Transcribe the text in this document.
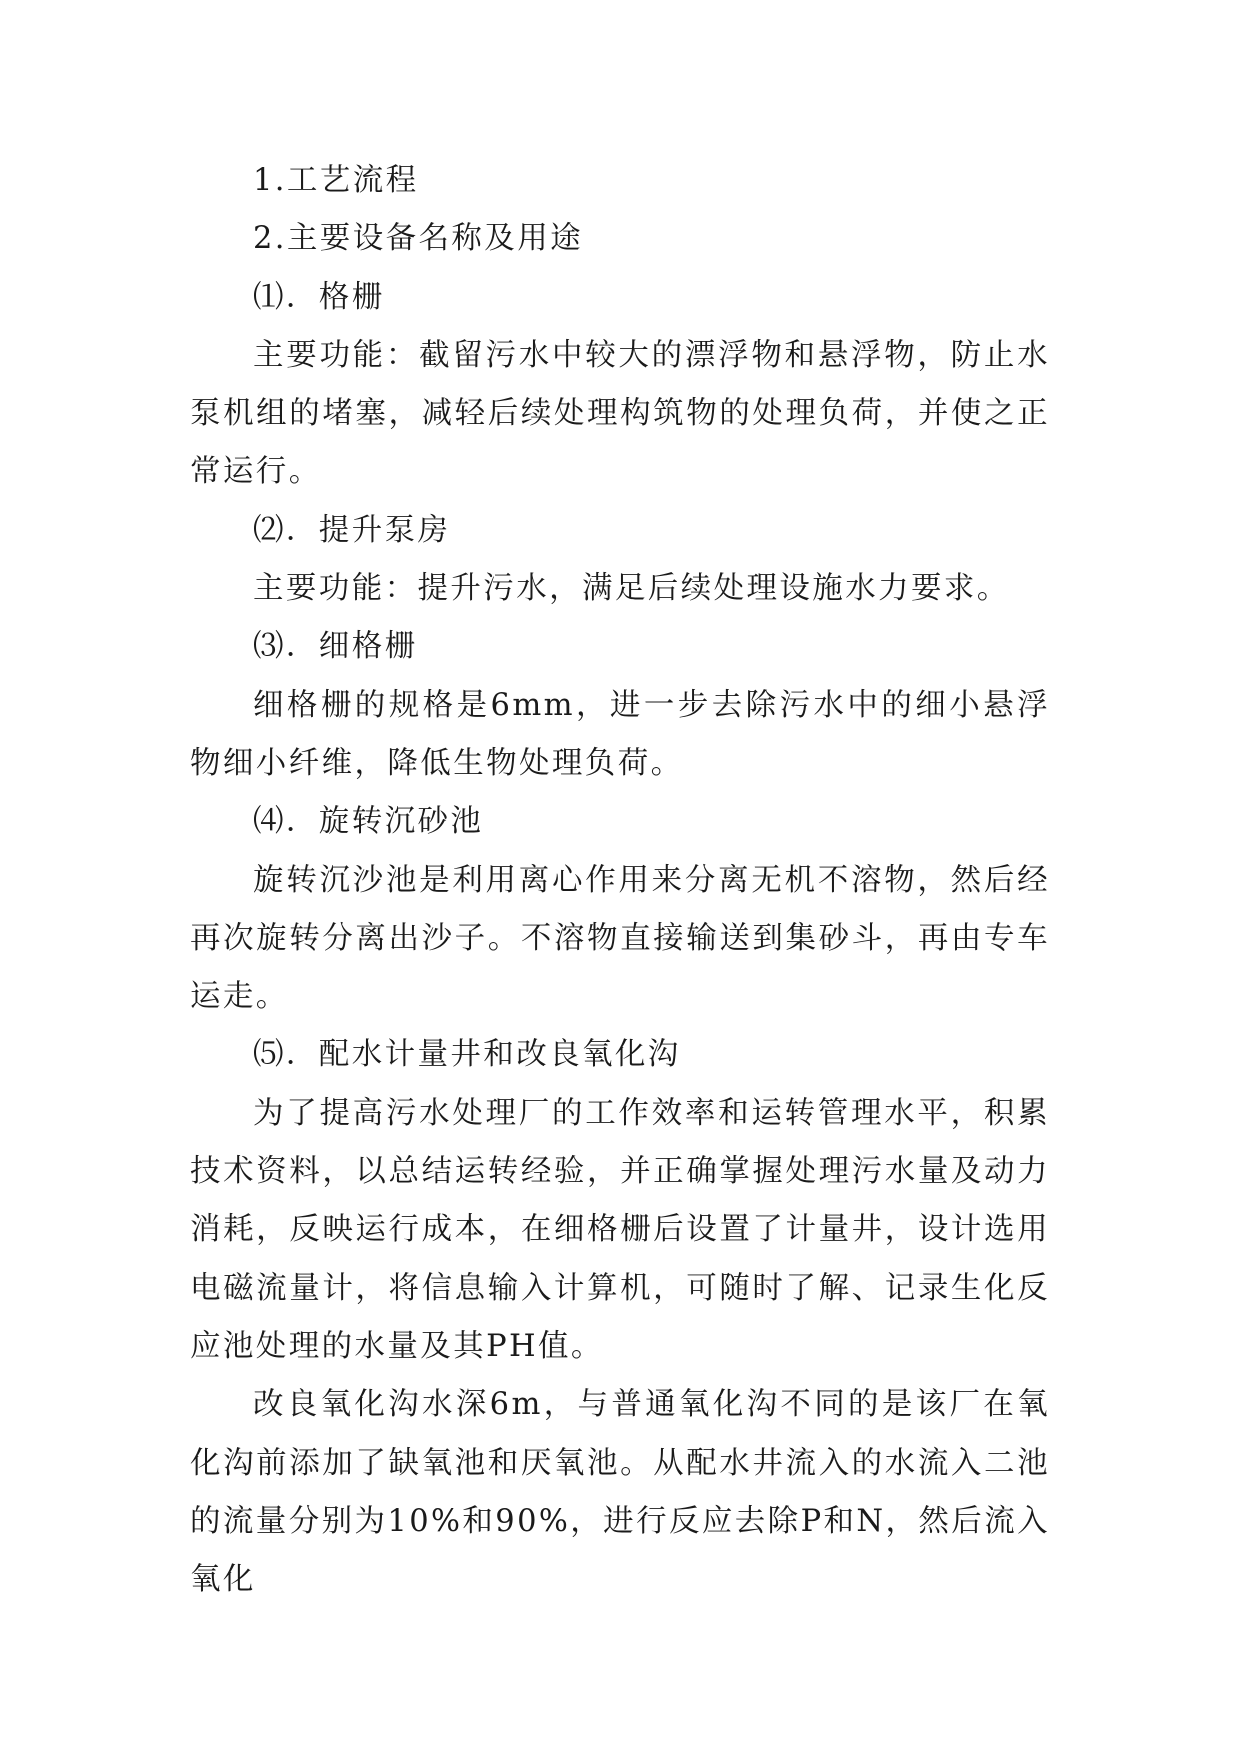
1.工艺流程

2.主要设备名称及用途

⑴．格栅

主要功能：截留污水中较大的漂浮物和悬浮物，防止水泵机组的堵塞，减轻后续处理构筑物的处理负荷，并使之正常运行。

⑵．提升泵房

主要功能：提升污水，满足后续处理设施水力要求。

⑶．细格栅

细格栅的规格是6mm，进一步去除污水中的细小悬浮物细小纤维，降低生物处理负荷。

⑷．旋转沉砂池

旋转沉沙池是利用离心作用来分离无机不溶物，然后经再次旋转分离出沙子。不溶物直接输送到集砂斗，再由专车运走。

⑸．配水计量井和改良氧化沟

为了提高污水处理厂的工作效率和运转管理水平，积累技术资料，以总结运转经验，并正确掌握处理污水量及动力消耗，反映运行成本，在细格栅后设置了计量井，设计选用电磁流量计，将信息输入计算机，可随时了解、记录生化反应池处理的水量及其PH值。

改良氧化沟水深6m，与普通氧化沟不同的是该厂在氧化沟前添加了缺氧池和厌氧池。从配水井流入的水流入二池的流量分别为10%和90%，进行反应去除P和N，然后流入氧化
